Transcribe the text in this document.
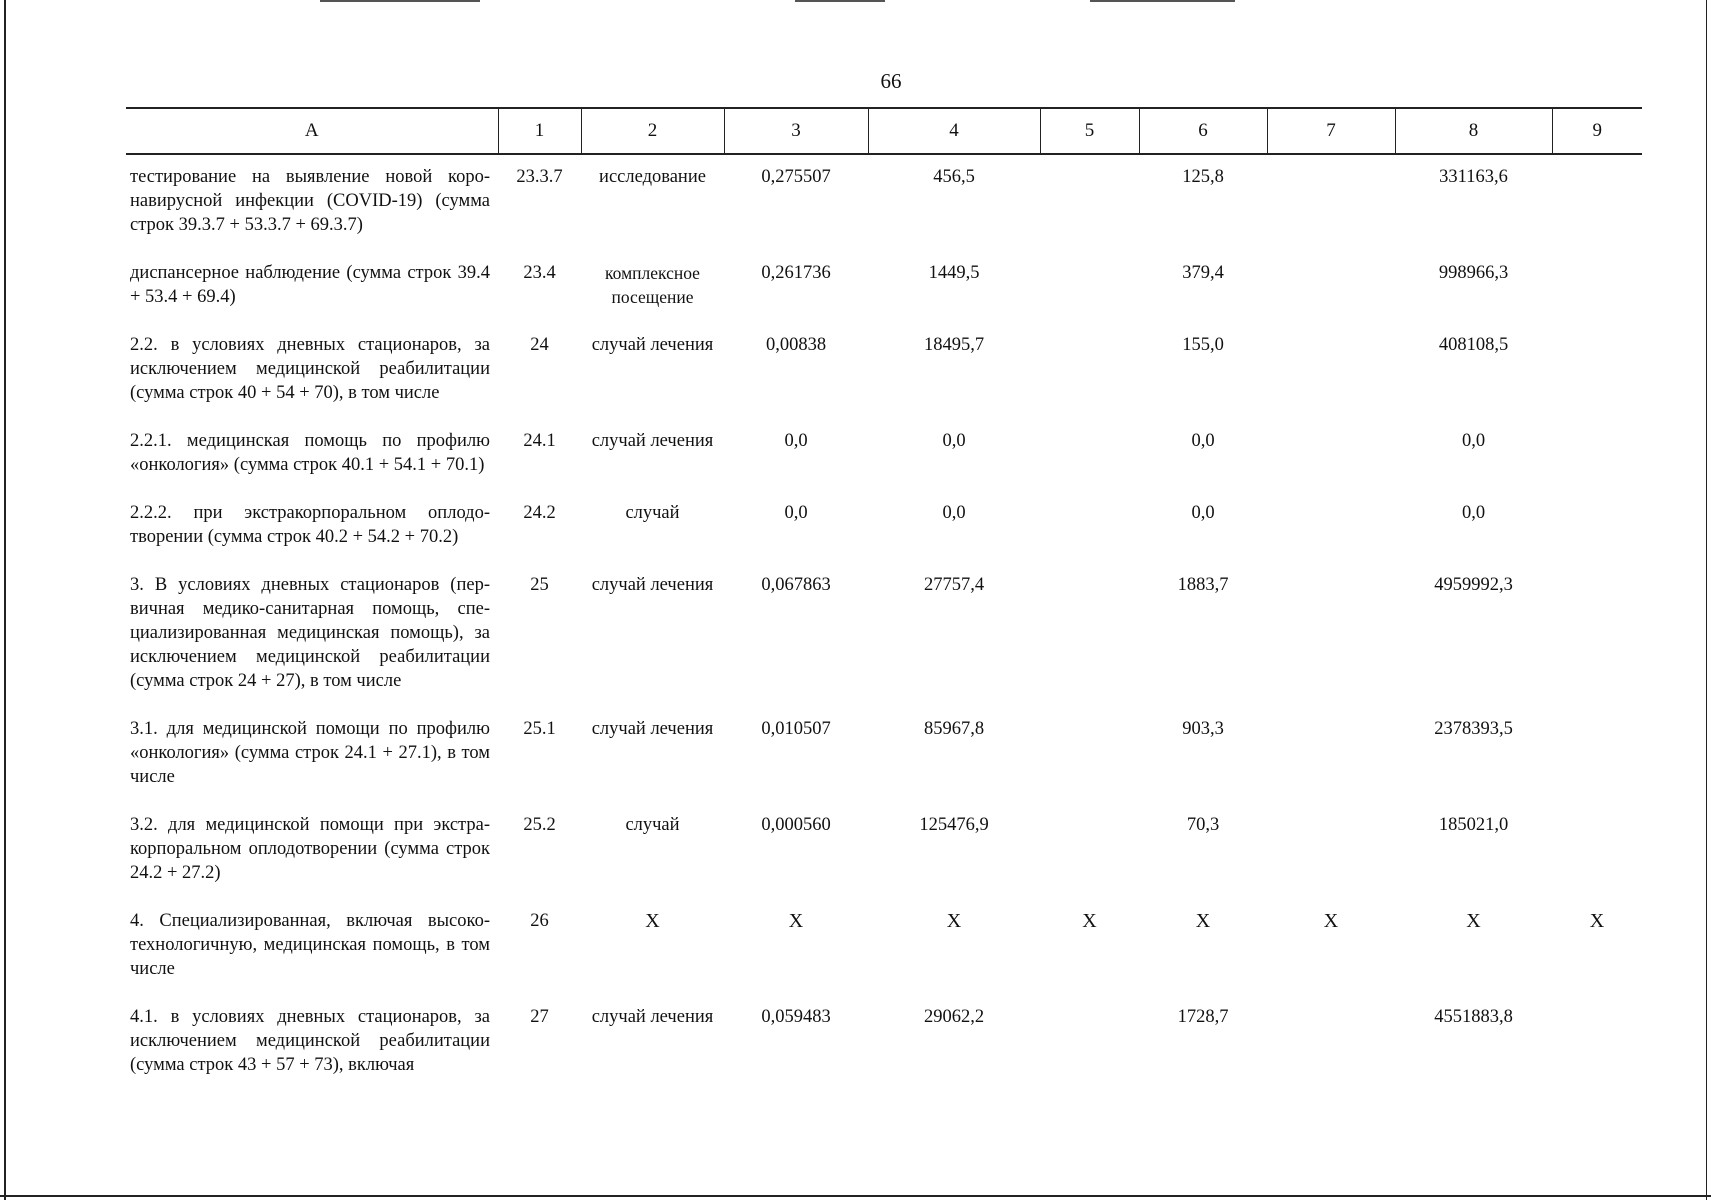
66
А	1	2	3	4	5	6	7	8	9
тестирование на выявление новой коронавирусной инфекции (COVID-19) (сумма строк 39.3.7 + 53.3.7 + 69.3.7)	23.3.7	исследование	0,275507	456,5		125,8		331163,6	
диспансерное наблюдение (сумма строк 39.4 + 53.4 + 69.4)	23.4	комплексное посещение	0,261736	1449,5		379,4		998966,3	
2.2. в условиях дневных стационаров, за исключением медицинской реабилитации (сумма строк 40 + 54 + 70), в том числе	24	случай лечения	0,00838	18495,7		155,0		408108,5	
2.2.1. медицинская помощь по профилю «онкология» (сумма строк 40.1 + 54.1 + 70.1)	24.1	случай лечения	0,0	0,0		0,0		0,0	
2.2.2. при экстракорпоральном оплодотворении (сумма строк 40.2 + 54.2 + 70.2)	24.2	случай	0,0	0,0		0,0		0,0	
3. В условиях дневных стационаров (первичная медико-санитарная помощь, специализированная медицинская помощь), за исключением медицинской реабилитации (сумма строк 24 + 27), в том числе	25	случай лечения	0,067863	27757,4		1883,7		4959992,3	
3.1. для медицинской помощи по профилю «онкология» (сумма строк 24.1 + 27.1), в том числе	25.1	случай лечения	0,010507	85967,8		903,3		2378393,5	
3.2. для медицинской помощи при экстракорпоральном оплодотворении (сумма строк 24.2 + 27.2)	25.2	случай	0,000560	125476,9		70,3		185021,0	
4. Специализированная, включая высокотехнологичную, медицинская помощь, в том числе	26	Х	Х	Х	Х	Х	Х	Х	Х
4.1. в условиях дневных стационаров, за исключением медицинской реабилитации (сумма строк 43 + 57 + 73), включая	27	случай лечения	0,059483	29062,2		1728,7		4551883,8	
